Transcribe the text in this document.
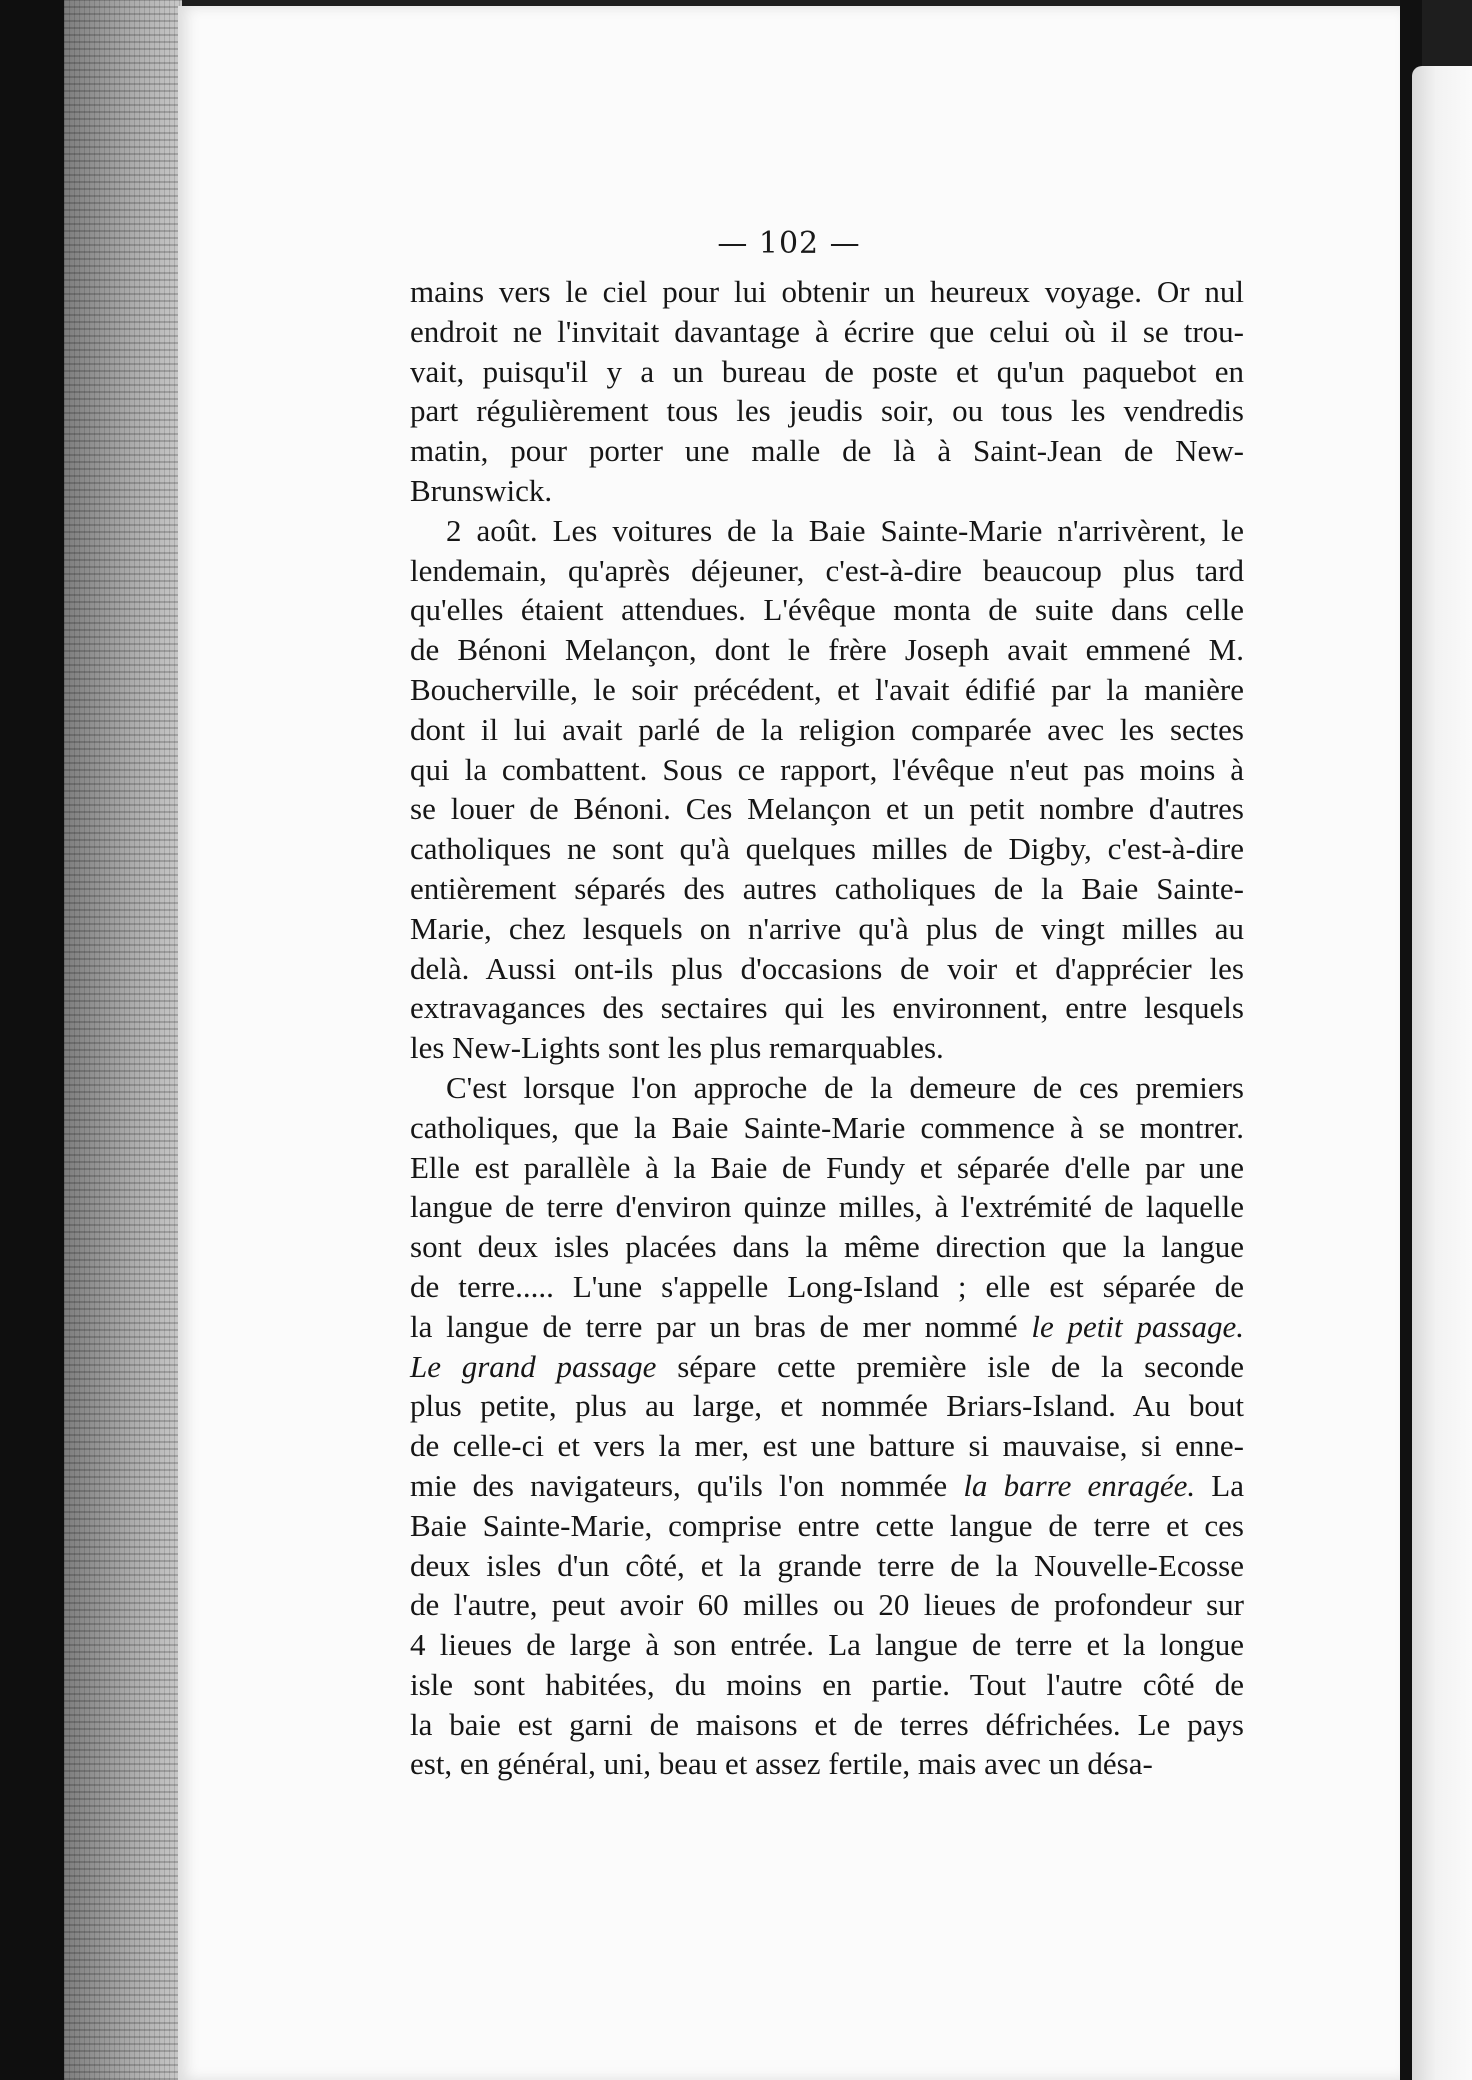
— 102 —
mains vers le ciel pour lui obtenir un heureux voyage. Or nul
endroit ne l'invitait davantage à écrire que celui où il se trou-
vait, puisqu'il y a un bureau de poste et qu'un paquebot en
part régulièrement tous les jeudis soir, ou tous les vendredis
matin, pour porter une malle de là à Saint-Jean de New-
Brunswick.
2 août. Les voitures de la Baie Sainte-Marie n'arrivèrent, le
lendemain, qu'après déjeuner, c'est-à-dire beaucoup plus tard
qu'elles étaient attendues. L'évêque monta de suite dans celle
de Bénoni Melançon, dont le frère Joseph avait emmené M.
Boucherville, le soir précédent, et l'avait édifié par la manière
dont il lui avait parlé de la religion comparée avec les sectes
qui la combattent. Sous ce rapport, l'évêque n'eut pas moins à
se louer de Bénoni. Ces Melançon et un petit nombre d'autres
catholiques ne sont qu'à quelques milles de Digby, c'est-à-dire
entièrement séparés des autres catholiques de la Baie Sainte-
Marie, chez lesquels on n'arrive qu'à plus de vingt milles au
delà. Aussi ont-ils plus d'occasions de voir et d'apprécier les
extravagances des sectaires qui les environnent, entre lesquels
les New-Lights sont les plus remarquables.
C'est lorsque l'on approche de la demeure de ces premiers
catholiques, que la Baie Sainte-Marie commence à se montrer.
Elle est parallèle à la Baie de Fundy et séparée d'elle par une
langue de terre d'environ quinze milles, à l'extrémité de laquelle
sont deux isles placées dans la même direction que la langue
de terre..... L'une s'appelle Long-Island ; elle est séparée de
la langue de terre par un bras de mer nommé le petit passage.
Le grand passage sépare cette première isle de la seconde
plus petite, plus au large, et nommée Briars-Island. Au bout
de celle-ci et vers la mer, est une batture si mauvaise, si enne-
mie des navigateurs, qu'ils l'on nommée la barre enragée. La
Baie Sainte-Marie, comprise entre cette langue de terre et ces
deux isles d'un côté, et la grande terre de la Nouvelle-Ecosse
de l'autre, peut avoir 60 milles ou 20 lieues de profondeur sur
4 lieues de large à son entrée. La langue de terre et la longue
isle sont habitées, du moins en partie. Tout l'autre côté de
la baie est garni de maisons et de terres défrichées. Le pays
est, en général, uni, beau et assez fertile, mais avec un désa-
